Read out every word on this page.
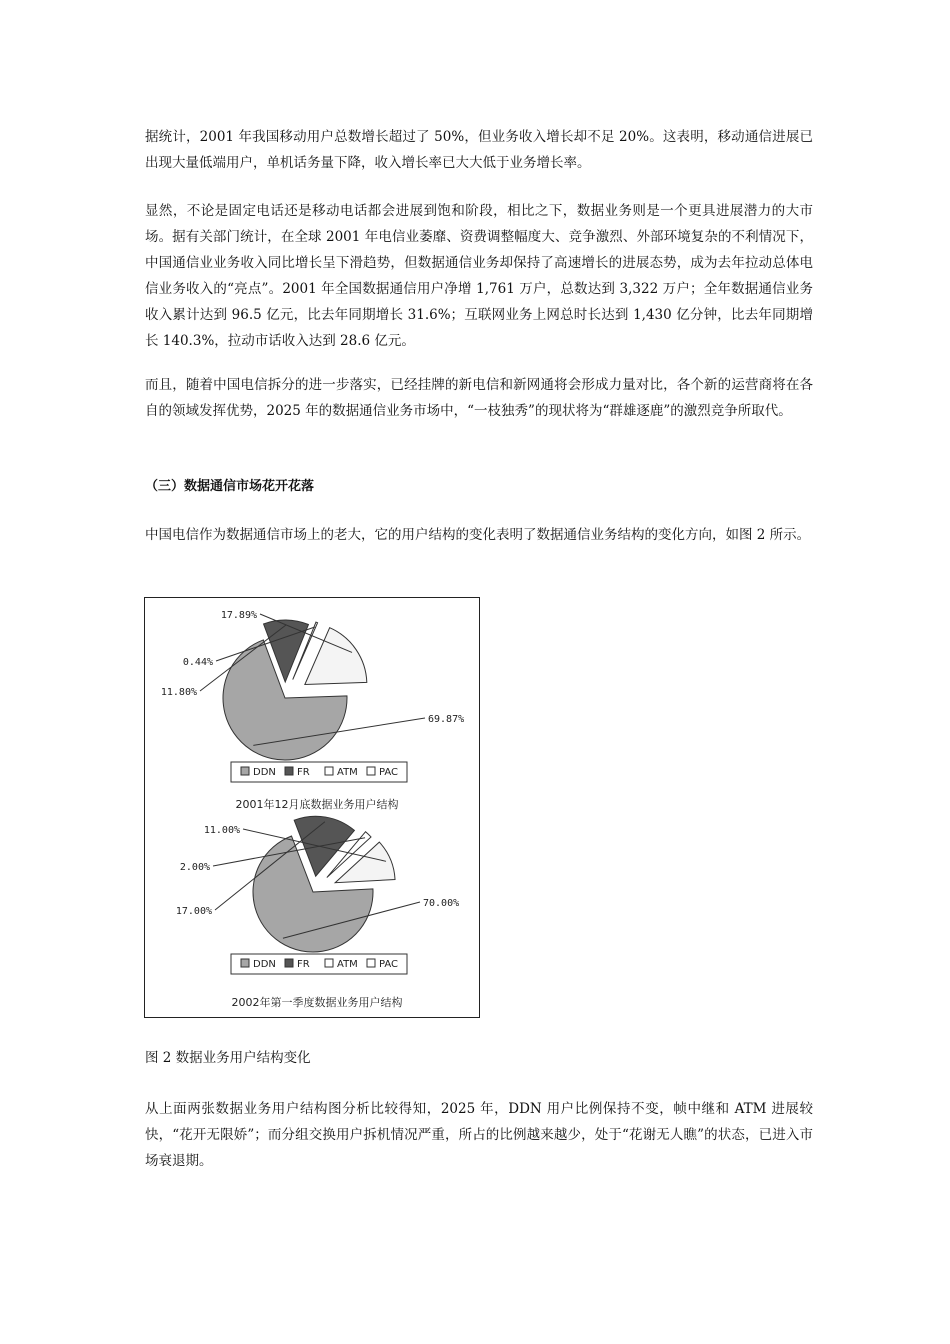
据统计，2001 年我国移动用户总数增长超过了 50%，但业务收入增长却不足 20%。这表明，移动通信进展已出现大量低端用户，单机话务量下降，收入增长率已大大低于业务增长率。

显然，不论是固定电话还是移动电话都会进展到饱和阶段，相比之下，数据业务则是一个更具进展潜力的大市场。据有关部门统计，在全球 2001 年电信业萎靡、资费调整幅度大、竞争激烈、外部环境复杂的不利情况下，中国通信业业务收入同比增长呈下滑趋势，但数据通信业务却保持了高速增长的进展态势，成为去年拉动总体电信业务收入的“亮点”。2001 年全国数据通信用户净增 1,761 万户，总数达到 3,322 万户；全年数据通信业务收入累计达到 96.5 亿元，比去年同期增长 31.6%；互联网业务上网总时长达到 1,430 亿分钟，比去年同期增长 140.3%，拉动市话收入达到 28.6 亿元。

而且，随着中国电信拆分的进一步落实，已经挂牌的新电信和新网通将会形成力量对比，各个新的运营商将在各自的领域发挥优势，2025 年的数据通信业务市场中，“一枝独秀”的现状将为“群雄逐鹿”的激烈竞争所取代。

（三）数据通信市场花开花落

中国电信作为数据通信市场上的老大，它的用户结构的变化表明了数据通信业务结构的变化方向，如图 2 所示。

69.87%
11.80%
0.44%
17.89%
DDN FR	ATM PAC
2001年12月底数据业务用户结构
70.00%
17.00%
2.00%
11.00%
DDN FR	ATM PAC
2002年第一季度数据业务用户结构

图 2 数据业务用户结构变化

从上面两张数据业务用户结构图分析比较得知，2025 年，DDN 用户比例保持不变，帧中继和 ATM 进展较快，“花开无限娇”；而分组交换用户拆机情况严重，所占的比例越来越少，处于“花谢无人瞧”的状态，已进入市场衰退期。
